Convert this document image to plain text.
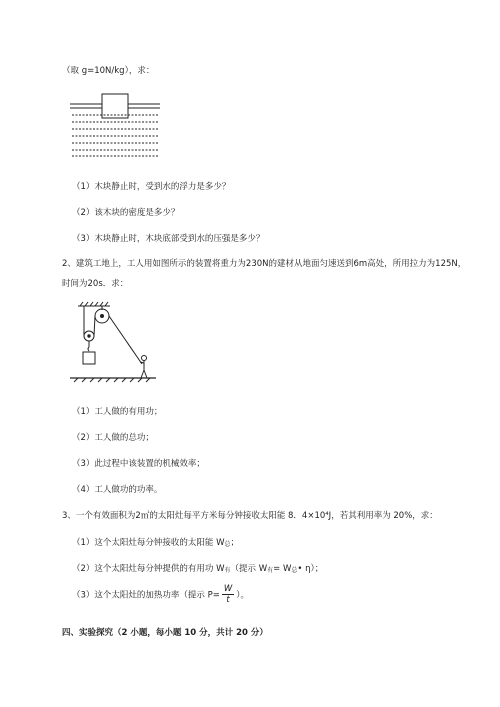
（取 g=10N/kg），求：
（1）木块静止时，受到水的浮力是多少？
（2）该木块的密度是多少？
（3）木块静止时，木块底部受到水的压强是多少？
2、建筑工地上，工人用如图所示的装置将重力为230N的建材从地面匀速送到6m高处，所用拉力为125N，
时间为20s．求：
（1）工人做的有用功；
（2）工人做的总功；
（3）此过程中该装置的机械效率；
（4）工人做功的功率。
3、一个有效面积为2㎡的太阳灶每平方米每分钟接收太阳能 8．4×10⁴J，若其利用率为 20%，求：
（1）这个太阳灶每分钟接收的太阳能 W总；
（2）这个太阳灶每分钟提供的有用功 W有（提示 W有= W总• η）；
（3）这个太阳灶的加热功率（提示 $P= \frac{W}{t}$ ）。
四、实验探究（2 小题，每小题 10 分，共计 20 分）
